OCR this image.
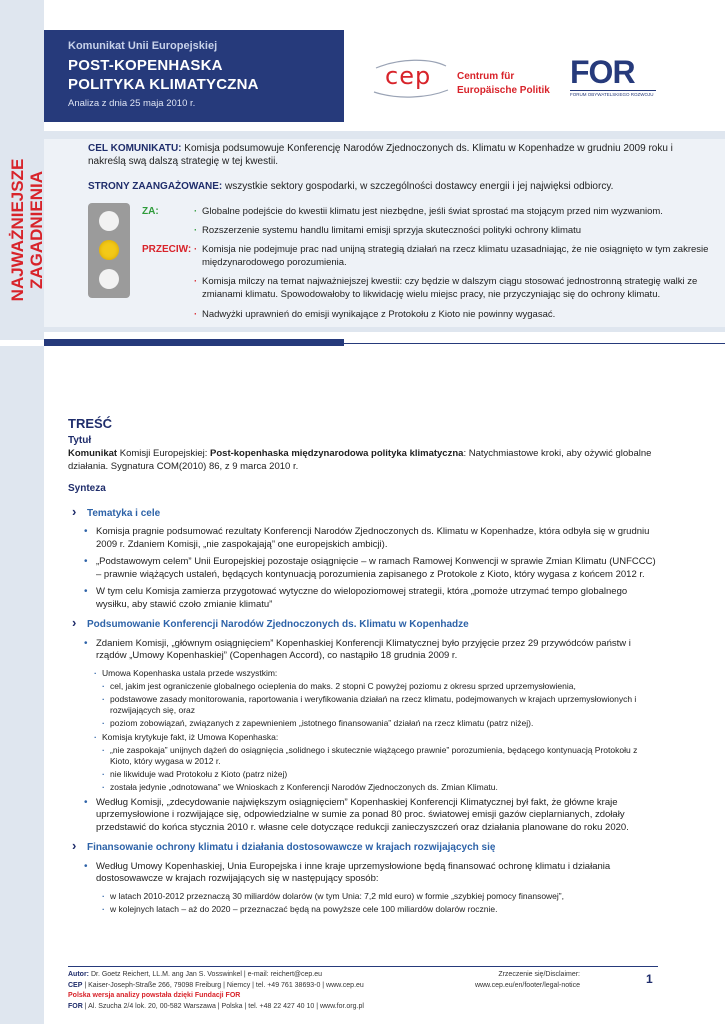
Komunikat Unii Europejskiej
POST-KOPENHASKA
POLITYKA KLIMATYCZNA
Analiza z dnia 25 maja 2010 r.
cep	Centrum für
Europäische Politik
FOR
FORUM OBYWATELSKIEGO ROZWOJU
NAJWAŻNIEJSZE ZAGADNIENIA
CEL KOMUNIKATU: Komisja podsumowuje Konferencję Narodów Zjednoczonych ds. Klimatu w Kopenhadze w grudniu 2009 roku i nakreślą swą dalszą strategię w tej kwestii.
STRONY ZAANGAŻOWANE: wszystkie sektory gospodarki, w szczególności dostawcy energii i jej najwięksi odbiorcy.
ZA:
PRZECIW:
· Globalne podejście do kwestii klimatu jest niezbędne, jeśli świat sprostać ma stojącym przed nim wyzwaniom.
· Rozszerzenie systemu handlu limitami emisji sprzyja skuteczności polityki ochrony klimatu
· Komisja nie podejmuje prac nad unijną strategią działań na rzecz klimatu uzasadniając, że nie osiągnięto w tym zakresie międzynarodowego porozumienia.
· Komisja milczy na temat najważniejszej kwestii: czy będzie w dalszym ciągu stosować jednostronną strategię walki ze zmianami klimatu. Spowodowałoby to likwidację wielu miejsc pracy, nie przyczyniając się do ochrony klimatu.
· Nadwyżki uprawnień do emisji wynikające z Protokołu z Kioto nie powinny wygasać.
TREŚĆ
Tytuł
Komunikat Komisji Europejskiej: Post-kopenhaska międzynarodowa polityka klimatyczna: Natychmiastowe kroki, aby ożywić globalne działania. Sygnatura COM(2010) 86, z 9 marca 2010 r.
Synteza
› Tematyka i cele
• Komisja pragnie podsumować rezultaty Konferencji Narodów Zjednoczonych ds. Klimatu w Kopenhadze, która odbyła się w grudniu 2009 r. Zdaniem Komisji, „nie zaspokajają” one europejskich ambicji).
• „Podstawowym celem” Unii Europejskiej pozostaje osiągnięcie – w ramach Ramowej Konwencji w sprawie Zmian Klimatu (UNFCCC) – prawnie wiążących ustaleń, będących kontynuacją porozumienia zapisanego z Protokole z Kioto, który wygasa z końcem 2012 r.
• W tym celu Komisja zamierza przygotować wytyczne do wielopoziomowej strategii, która „pomoże utrzymać tempo globalnego wysiłku, aby stawić czoło zmianie klimatu”
› Podsumowanie Konferencji Narodów Zjednoczonych ds. Klimatu w Kopenhadze
• Zdaniem Komisji, „głównym osiągnięciem” Kopenhaskiej Konferencji Klimatycznej było przyjęcie przez 29 przywódców państw i rządów „Umowy Kopenhaskiej” (Copenhagen Accord), co nastąpiło 18 grudnia 2009 r.
· Umowa Kopenhaska ustala przede wszystkim:
· cel, jakim jest ograniczenie globalnego ocieplenia do maks. 2 stopni C powyżej poziomu z okresu sprzed uprzemysłowienia,
· podstawowe zasady monitorowania, raportowania i weryfikowania działań na rzecz klimatu, podejmowanych w krajach uprzemysłowionych i rozwijających się, oraz
· poziom zobowiązań, związanych z zapewnieniem „istotnego finansowania” działań na rzecz klimatu (patrz niżej).
· Komisja krytykuje fakt, iż Umowa Kopenhaska:
· „nie zaspokaja” unijnych dążeń do osiągnięcia „solidnego i skutecznie wiążącego prawnie” porozumienia, będącego kontynuacją Protokołu z Kioto, który wygasa w 2012 r.
· nie likwiduje wad Protokołu z Kioto (patrz niżej)
· została jedynie „odnotowana” we Wnioskach z Konferencji Narodów Zjednoczonych ds. Zmian Klimatu.
• Według Komisji, „zdecydowanie największym osiągnięciem” Kopenhaskiej Konferencji Klimatycznej był fakt, że główne kraje uprzemysłowione i rozwijające się, odpowiedzialne w sumie za ponad 80 proc. światowej emisji gazów cieplarnianych, zdołały przedstawić do końca stycznia 2010 r. własne cele dotyczące redukcji zanieczyszczeń oraz działania planowane do roku 2020.
› Finansowanie ochrony klimatu i działania dostosowawcze w krajach rozwijających się
• Według Umowy Kopenhaskiej, Unia Europejska i inne kraje uprzemysłowione będą finansować ochronę klimatu i działania dostosowawcze w krajach rozwijających się w następujący sposób:
· w latach 2010-2012 przeznaczą 30 miliardów dolarów (w tym Unia: 7,2 mld euro) w formie „szybkiej pomocy finansowej”,
· w kolejnych latach – aż do 2020 – przeznaczać będą na powyższe cele 100 miliardów dolarów rocznie.
Autor: Dr. Goetz Reichert, LL.M. ang Jan S. Vosswinkel | e-mail: reichert@cep.eu
CEP | Kaiser-Joseph-Straße 266, 79098 Freiburg | Niemcy | tel. +49 761 38693-0 | www.cep.eu
Polska wersja analizy powstała dzięki Fundacji FOR
FOR | Al. Szucha 2/4 lok. 20, 00-582 Warszawa | Polska | tel. +48 22 427 40 10 | www.for.org.pl
Zrzeczenie się/Disclaimer:
www.cep.eu/en/footer/legal-notice	1
